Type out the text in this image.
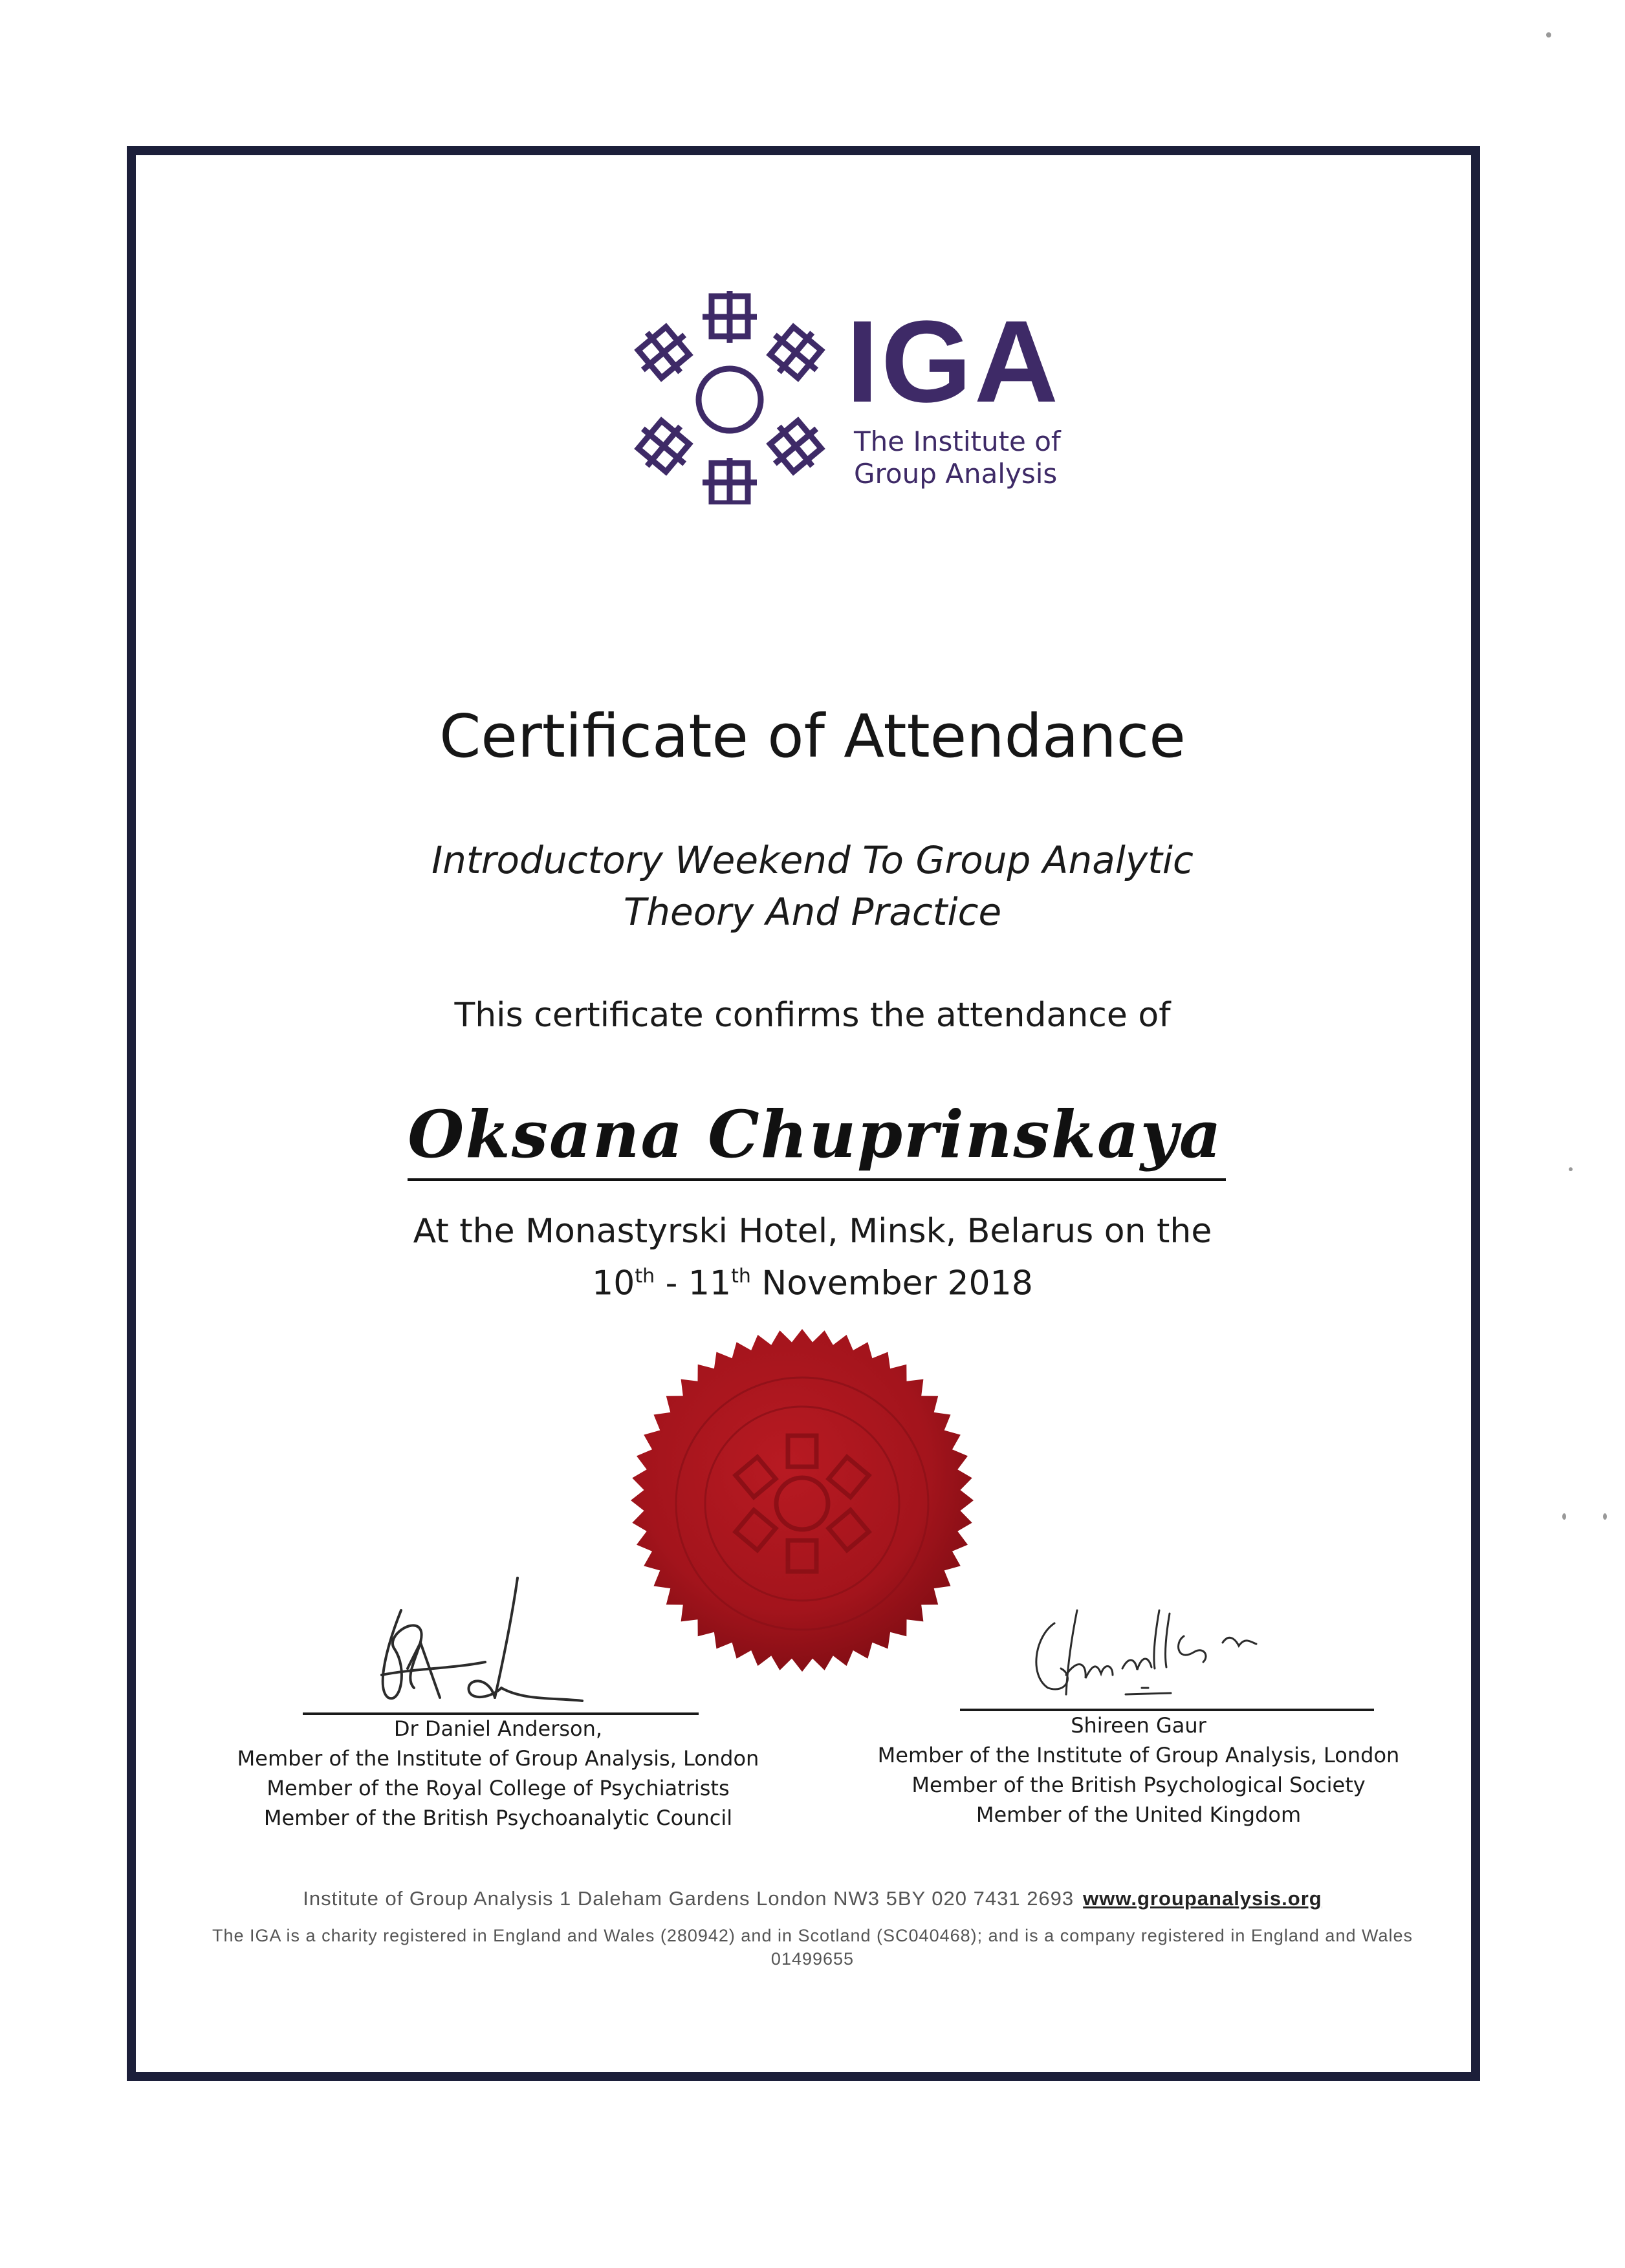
IGA
The Institute of
Group Analysis
Certificate of Attendance
Introductory Weekend To Group Analytic
Theory And Practice
This certificate confirms the attendance of
Oksana Chuprinskaya
At the Monastyrski Hotel, Minsk, Belarus on the
10th - 11th November 2018
Dr Daniel Anderson,
Member of the Institute of Group Analysis, London
Member of the Royal College of Psychiatrists
Member of the British Psychoanalytic Council
Shireen Gaur
Member of the Institute of Group Analysis, London
Member of the British Psychological Society
Member of the United Kingdom
Institute of Group Analysis 1 Daleham Gardens London NW3 5BY 020 7431 2693 www.groupanalysis.org
The IGA is a charity registered in England and Wales (280942) and in Scotland (SC040468); and is a company registered in England and Wales
01499655
